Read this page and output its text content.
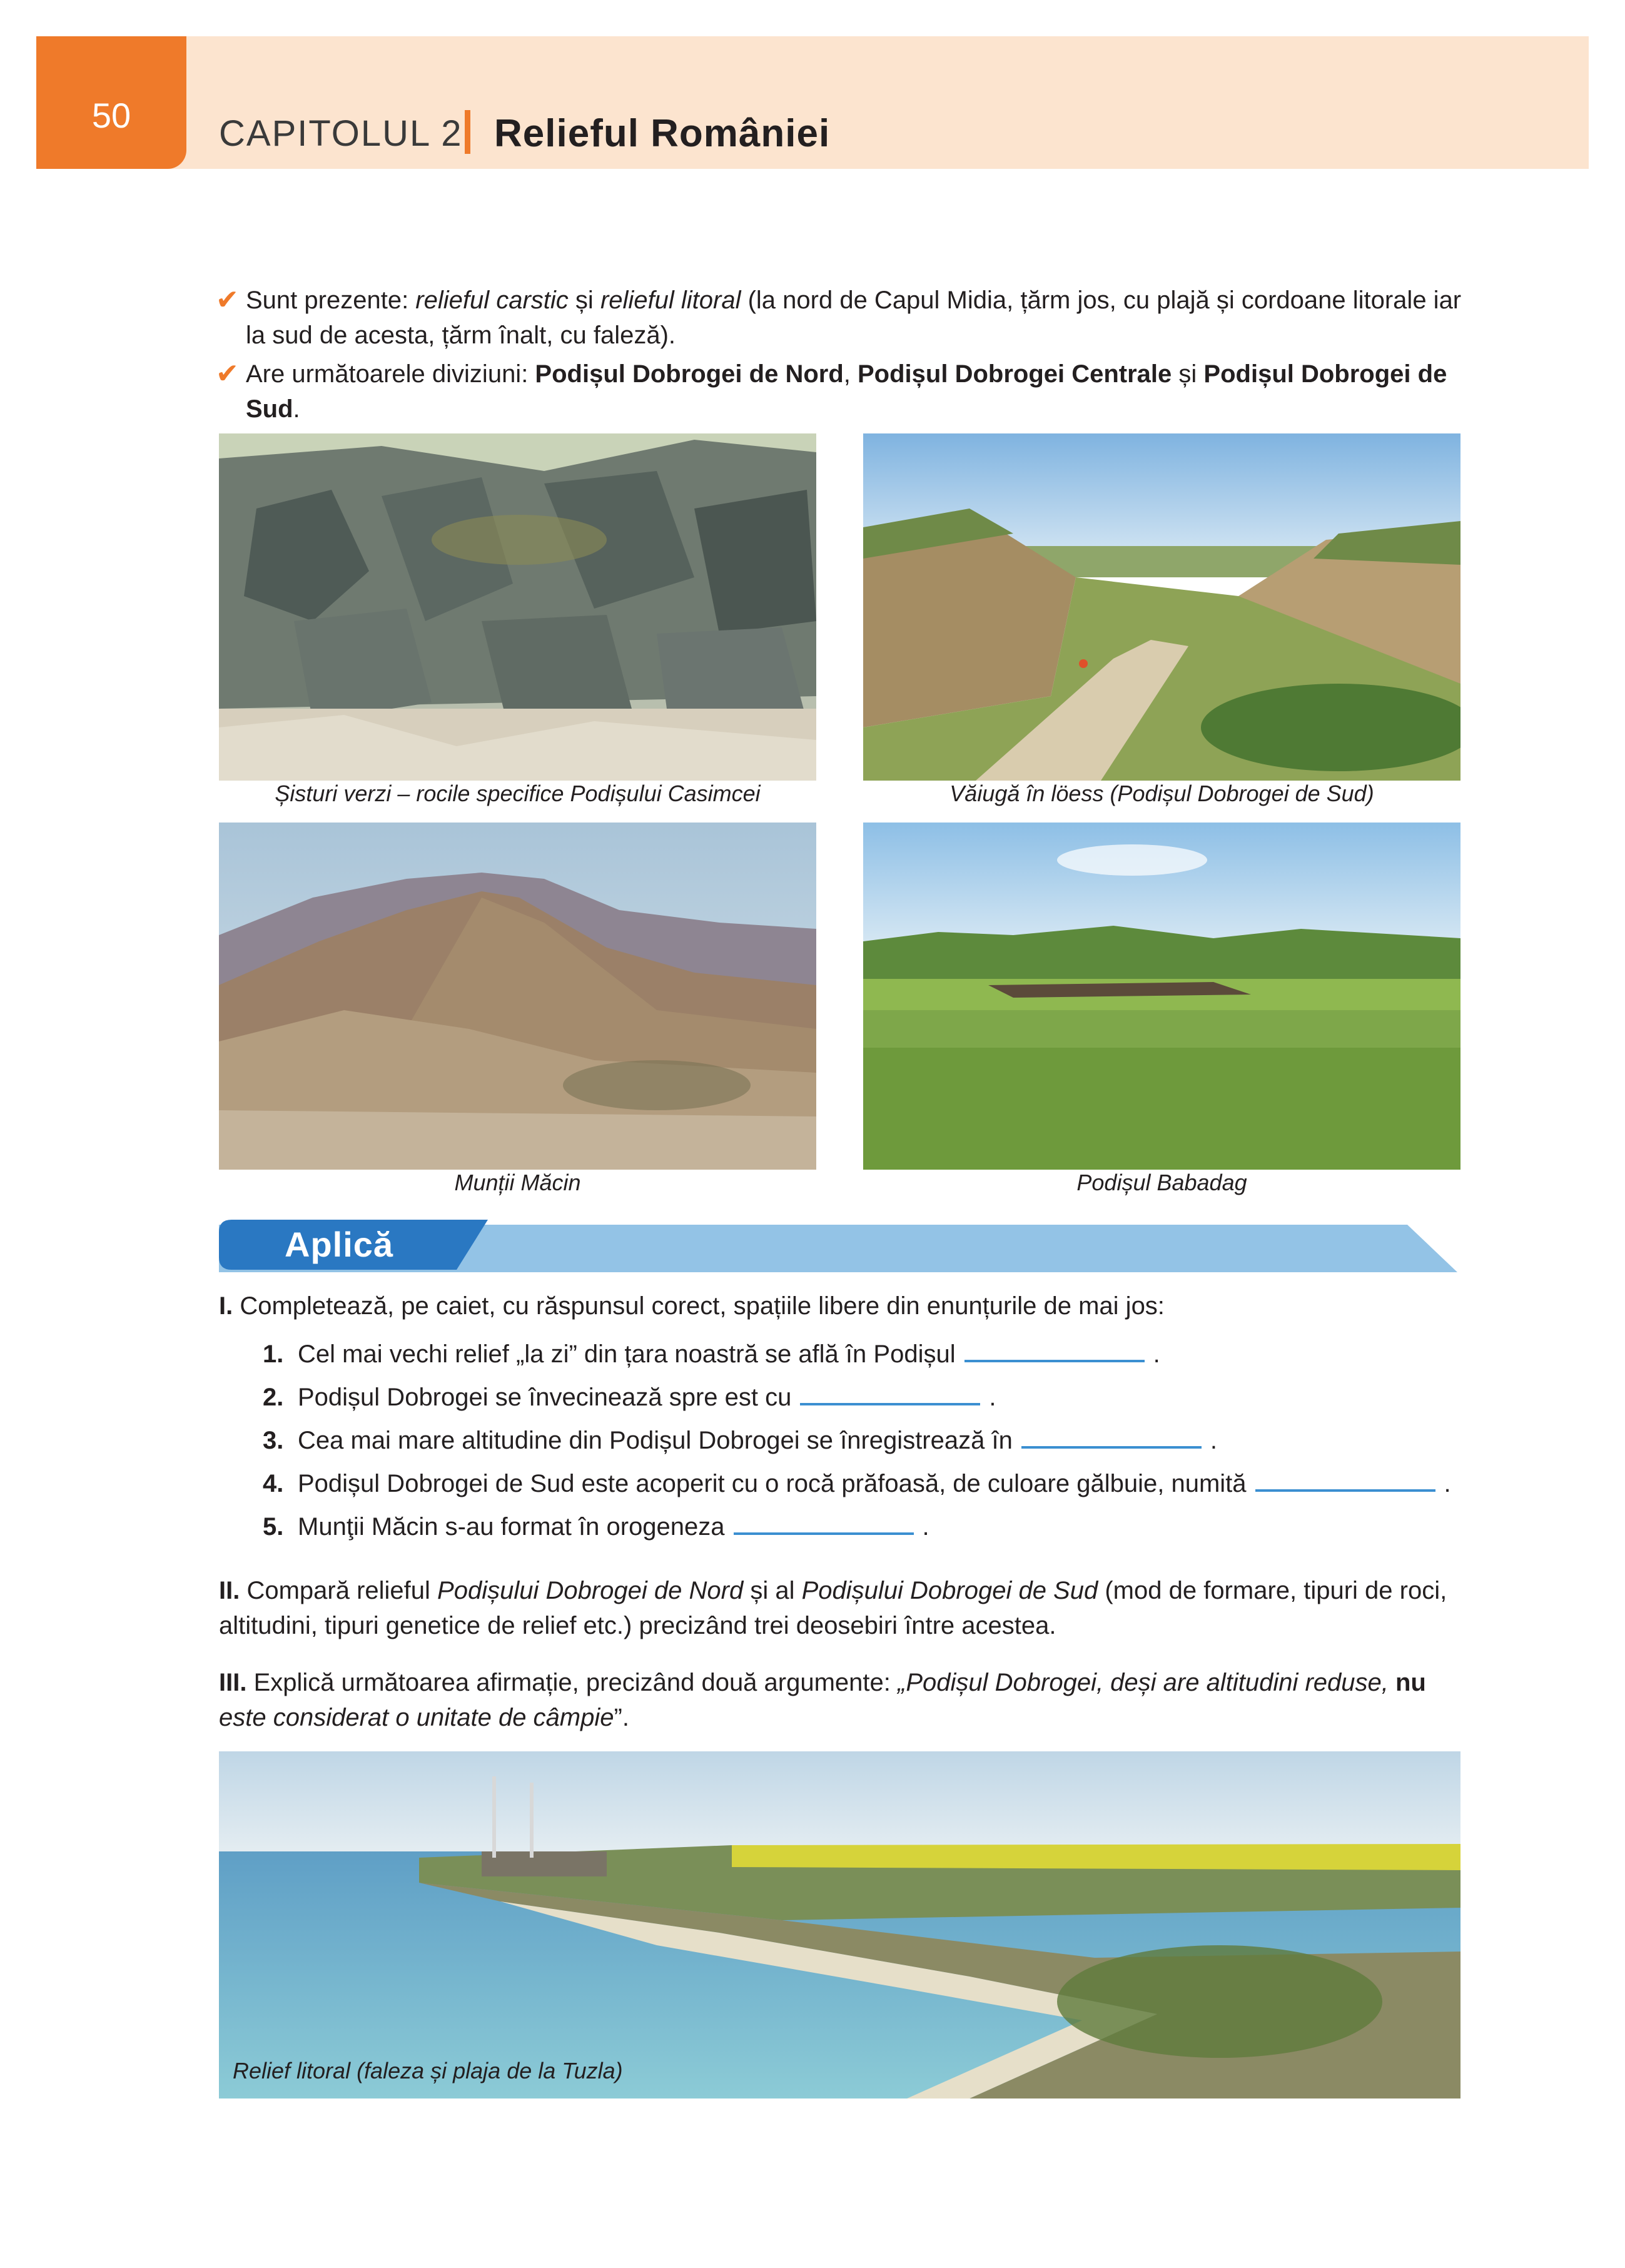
50 CAPITOLUL 2 Relieful României
✔ Sunt prezente: relieful carstic și relieful litoral (la nord de Capul Midia, țărm jos, cu plajă și cordoane litorale iar la sud de acesta, țărm înalt, cu faleză).
✔ Are următoarele diviziuni: Podișul Dobrogei de Nord, Podișul Dobrogei Centrale și Podișul Dobrogei de Sud.
Șisturi verzi – rocile specifice Podișului Casimcei	Văiugă în löess (Podișul Dobrogei de Sud)
Munții Măcin	Podișul Babadag
Aplică
I. Completează, pe caiet, cu răspunsul corect, spațiile libere din enunțurile de mai jos:
1. Cel mai vechi relief „la zi” din țara noastră se află în Podișul	.
2. Podișul Dobrogei se învecinează spre est cu	.
3. Cea mai mare altitudine din Podișul Dobrogei se înregistrează în	.
4. Podișul Dobrogei de Sud este acoperit cu o rocă prăfoasă, de culoare gălbuie, numită	.
5. Munţii Măcin s-au format în orogeneza	.
II. Compară relieful Podișului Dobrogei de Nord și al Podișului Dobrogei de Sud (mod de formare, tipuri de roci, altitudini, tipuri genetice de relief etc.) precizând trei deosebiri între acestea.
III. Explică următoarea afirmație, precizând două argumente: „Podișul Dobrogei, deși are altitudini reduse, nu este considerat o unitate de câmpie”.
Relief litoral (faleza și plaja de la Tuzla)
